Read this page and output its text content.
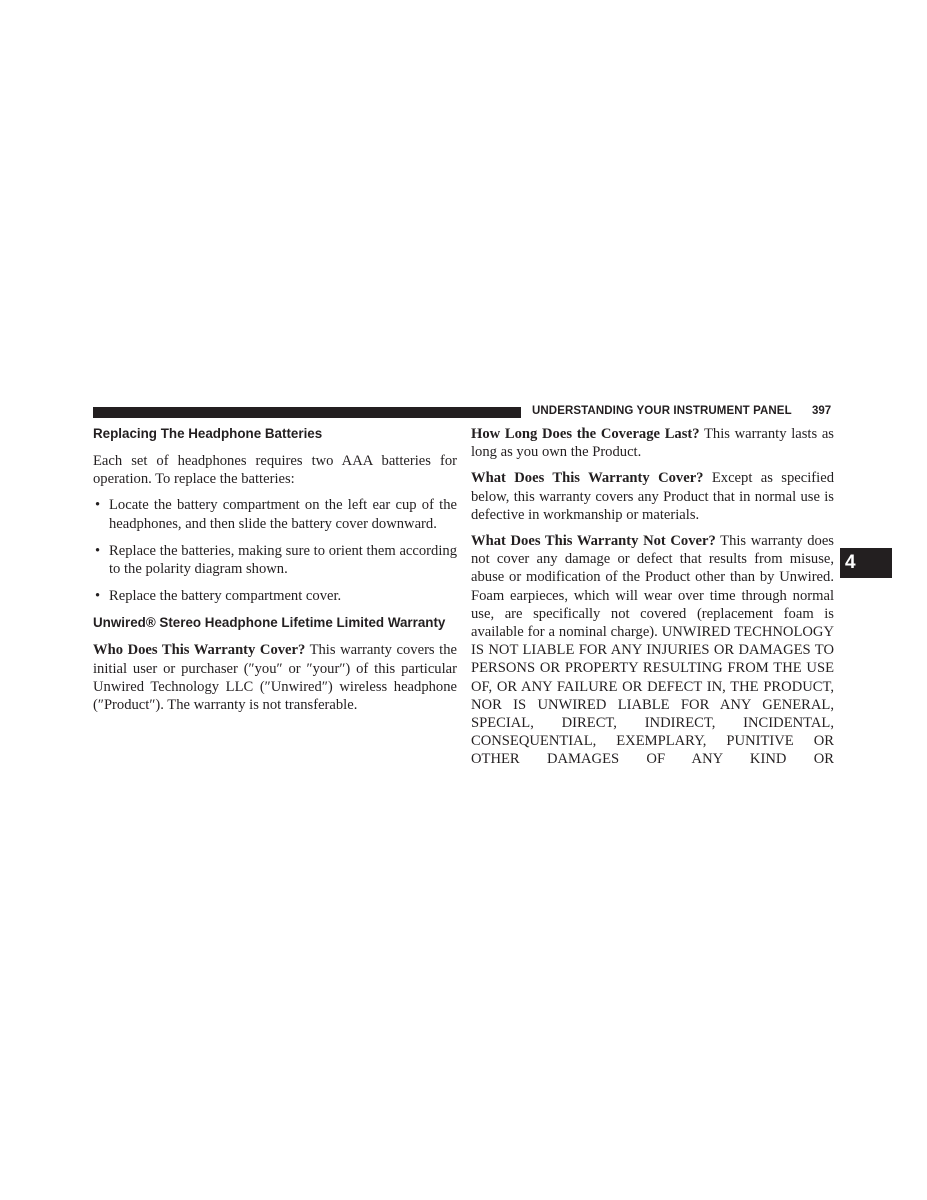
UNDERSTANDING YOUR INSTRUMENT PANEL 397
4
Replacing The Headphone Batteries

Each set of headphones requires two AAA batteries for operation. To replace the batteries:

• Locate the battery compartment on the left ear cup of the headphones, and then slide the battery cover downward.
• Replace the batteries, making sure to orient them according to the polarity diagram shown.
• Replace the battery compartment cover.
Unwired® Stereo Headphone Lifetime Limited Warranty

Who Does This Warranty Cover? This warranty covers the initial user or purchaser (″you″ or ″your″) of this particular Unwired Technology LLC (″Unwired″) wireless headphone (″Product″). The warranty is not transferable.

How Long Does the Coverage Last? This warranty lasts as long as you own the Product.

What Does This Warranty Cover? Except as specified below, this warranty covers any Product that in normal use is defective in workmanship or materials.

What Does This Warranty Not Cover? This warranty does not cover any damage or defect that results from misuse, abuse or modification of the Product other than by Unwired. Foam earpieces, which will wear over time through normal use, are specifically not covered (replacement foam is available for a nominal charge). UNWIRED TECHNOLOGY IS NOT LIABLE FOR ANY INJURIES OR DAMAGES TO PERSONS OR PROPERTY RESULTING FROM THE USE OF, OR ANY FAILURE OR DEFECT IN, THE PRODUCT, NOR IS UNWIRED LIABLE FOR ANY GENERAL, SPECIAL, DIRECT, INDIRECT, INCIDENTAL, CONSEQUENTIAL, EXEMPLARY, PUNITIVE OR OTHER DAMAGES OF ANY KIND OR
